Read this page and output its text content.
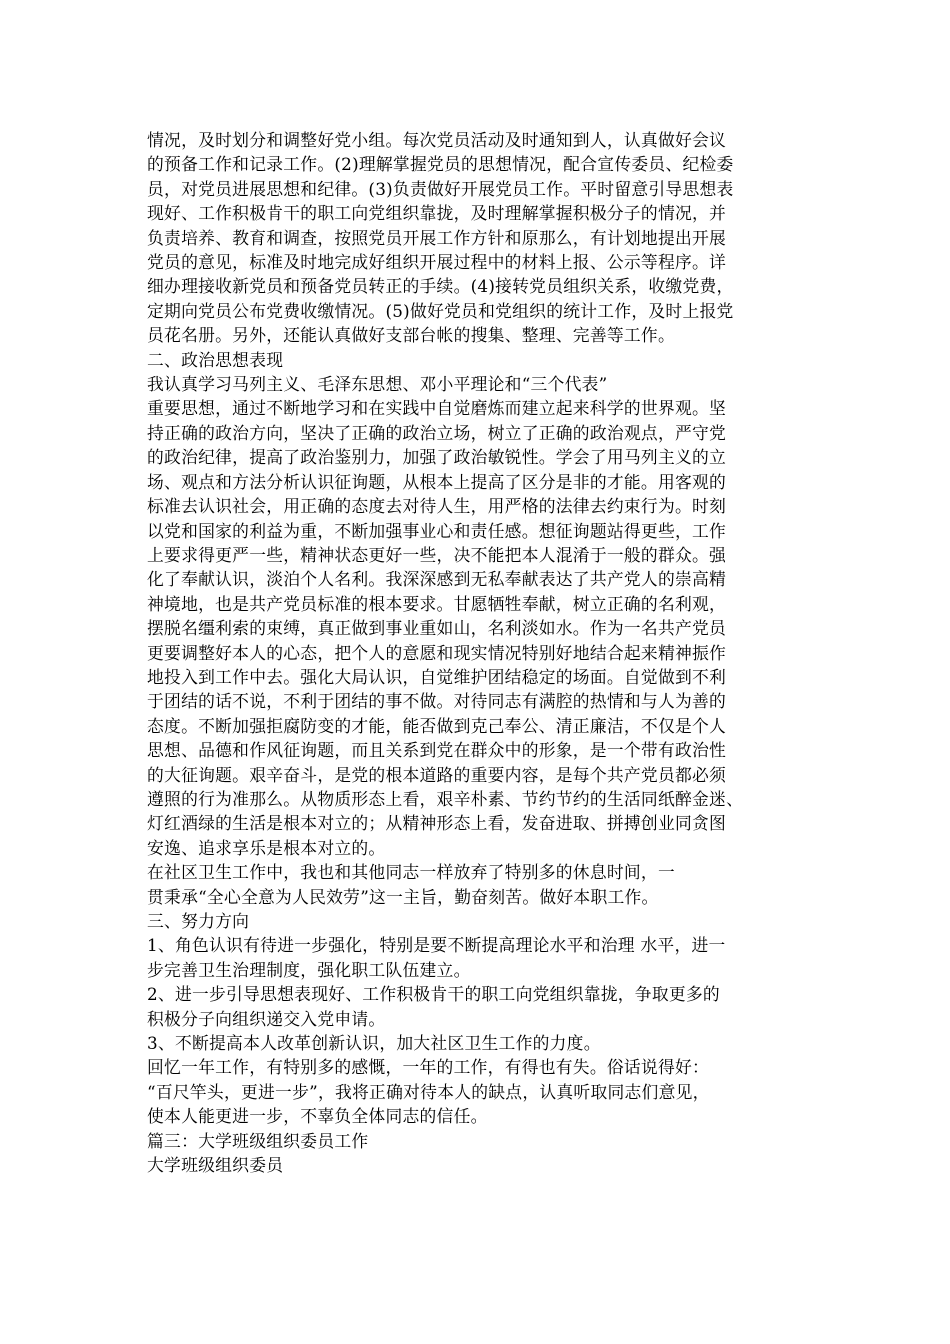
情况，及时划分和调整好党小组。每次党员活动及时通知到人，认真做好会议

的预备工作和记录工作。(2)理解掌握党员的思想情况，配合宣传委员、纪检委

员，对党员进展思想和纪律。(3)负责做好开展党员工作。平时留意引导思想表

现好、工作积极肯干的职工向党组织靠拢，及时理解掌握积极分子的情况，并

负责培养、教育和调查，按照党员开展工作方针和原那么，有计划地提出开展

党员的意见，标准及时地完成好组织开展过程中的材料上报、公示等程序。详

细办理接收新党员和预备党员转正的手续。(4)接转党员组织关系，收缴党费，

定期向党员公布党费收缴情况。(5)做好党员和党组织的统计工作，及时上报党

员花名册。另外，还能认真做好支部台帐的搜集、整理、完善等工作。

二、政治思想表现

我认真学习马列主义、毛泽东思想、邓小平理论和“三个代表”

重要思想，通过不断地学习和在实践中自觉磨炼而建立起来科学的世界观。坚

持正确的政治方向，坚决了正确的政治立场，树立了正确的政治观点，严守党

的政治纪律，提高了政治鉴别力，加强了政治敏锐性。学会了用马列主义的立

场、观点和方法分析认识征询题，从根本上提高了区分是非的才能。用客观的

标准去认识社会，用正确的态度去对待人生，用严格的法律去约束行为。时刻

以党和国家的利益为重，不断加强事业心和责任感。想征询题站得更些，工作

上要求得更严一些，精神状态更好一些，决不能把本人混淆于一般的群众。强

化了奉献认识，淡泊个人名利。我深深感到无私奉献表达了共产党人的崇高精

神境地，也是共产党员标准的根本要求。甘愿牺牲奉献，树立正确的名利观，

摆脱名缰利索的束缚，真正做到事业重如山，名利淡如水。作为一名共产党员

更要调整好本人的心态，把个人的意愿和现实情况特别好地结合起来精神振作

地投入到工作中去。强化大局认识，自觉维护团结稳定的场面。自觉做到不利

于团结的话不说，不利于团结的事不做。对待同志有满腔的热情和与人为善的

态度。不断加强拒腐防变的才能，能否做到克己奉公、清正廉洁，不仅是个人

思想、品德和作风征询题，而且关系到党在群众中的形象，是一个带有政治性

的大征询题。艰辛奋斗，是党的根本道路的重要内容，是每个共产党员都必须

遵照的行为准那么。从物质形态上看，艰辛朴素、节约节约的生活同纸醉金迷、

灯红酒绿的生活是根本对立的；从精神形态上看，发奋进取、拼搏创业同贪图

安逸、追求享乐是根本对立的。

在社区卫生工作中，我也和其他同志一样放弃了特别多的休息时间，一

贯秉承“全心全意为人民效劳”这一主旨，勤奋刻苦。做好本职工作。

三、努力方向

1、角色认识有待进一步强化，特别是要不断提高理论水平和治理 水平，进一

步完善卫生治理制度，强化职工队伍建立。

2、进一步引导思想表现好、工作积极肯干的职工向党组织靠拢，争取更多的

积极分子向组织递交入党申请。

3、不断提高本人改革创新认识，加大社区卫生工作的力度。

回忆一年工作，有特别多的感慨，一年的工作，有得也有失。俗话说得好：

“百尺竿头，更进一步”，我将正确对待本人的缺点，认真听取同志们意见，

使本人能更进一步，不辜负全体同志的信任。

篇三：大学班级组织委员工作

大学班级组织委员
